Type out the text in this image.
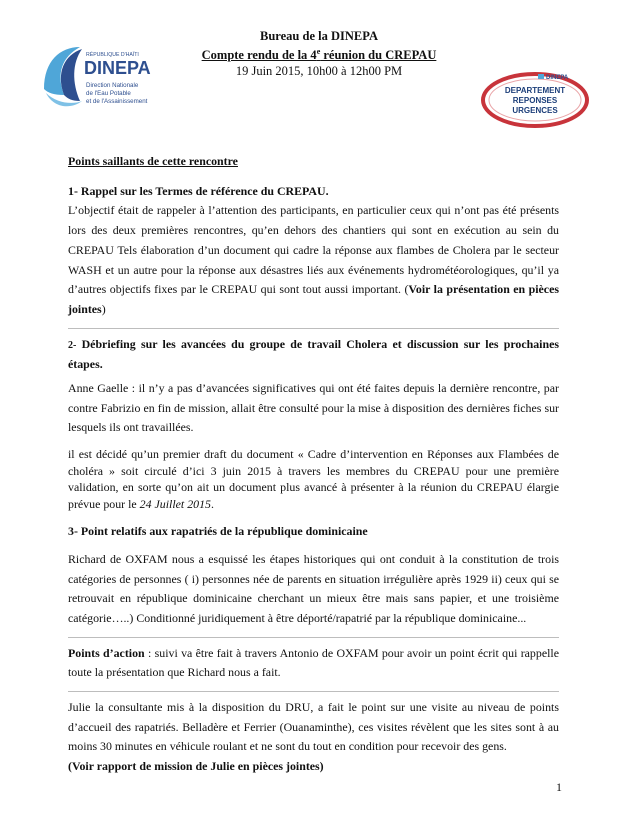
Bureau de la DINEPA
Compte rendu de la 4e réunion du CREPAU
19 Juin 2015, 10h00 à 12h00 PM
RÉPUBLIQUE D'HAÏTI
DINEPA
Direction Nationale
de l'Eau Potable
et de l'Assainissement
DINEPA
DEPARTEMENT
REPONSES
URGENCES

Points saillants de cette rencontre

1- Rappel sur les Termes de référence du CREPAU.

L’objectif était de rappeler à l’attention des participants, en particulier ceux qui n’ont pas été présents lors des deux premières rencontres, qu’en dehors des chantiers qui sont en exécution au sein du CREPAU Tels élaboration d’un document qui cadre la réponse aux flambes de Cholera par le secteur WASH et un autre pour la réponse aux désastres liés aux événements hydrométéorologiques, qu’il ya d’autres objectifs fixes par le CREPAU qui sont tout aussi important. (Voir la présentation en pièces jointes)

2- Débriefing sur les avancées du groupe de travail Cholera et discussion sur les prochaines étapes.

Anne Gaelle : il n’y a pas d’avancées significatives qui ont été faites depuis la dernière rencontre, par contre Fabrizio en fin de mission, allait être consulté pour la mise à disposition des dernières fiches sur lesquels ils ont travaillées.

il est décidé qu’un premier draft du document « Cadre d’intervention en Réponses aux Flambées de choléra » soit circulé d’ici 3 juin 2015 à travers les membres du CREPAU pour une première validation, en sorte qu’on ait un document plus avancé à présenter à la réunion du CREPAU élargie prévue pour le 24 Juillet 2015.

3- Point relatifs aux rapatriés de la république dominicaine

Richard de OXFAM nous a esquissé les étapes historiques qui ont conduit à la constitution de trois catégories de personnes ( i) personnes née de parents en situation irrégulière après 1929 ii) ceux qui se retrouvait en république dominicaine cherchant un mieux être mais sans papier, et une troisième catégorie…..) Conditionné juridiquement à être déporté/rapatrié par la république dominicaine...

Points d’action : suivi va être fait à travers Antonio de OXFAM pour avoir un point écrit qui rappelle toute la présentation que Richard nous a fait.

Julie la consultante mis à la disposition du DRU, a fait le point sur une visite au niveau de points d’accueil des rapatriés. Belladère et Ferrier (Ouanaminthe), ces visites révèlent que les sites sont à au moins 30 minutes en véhicule roulant et ne sont du tout en condition pour recevoir des gens.

(Voir rapport de mission de Julie en pièces jointes)

1
